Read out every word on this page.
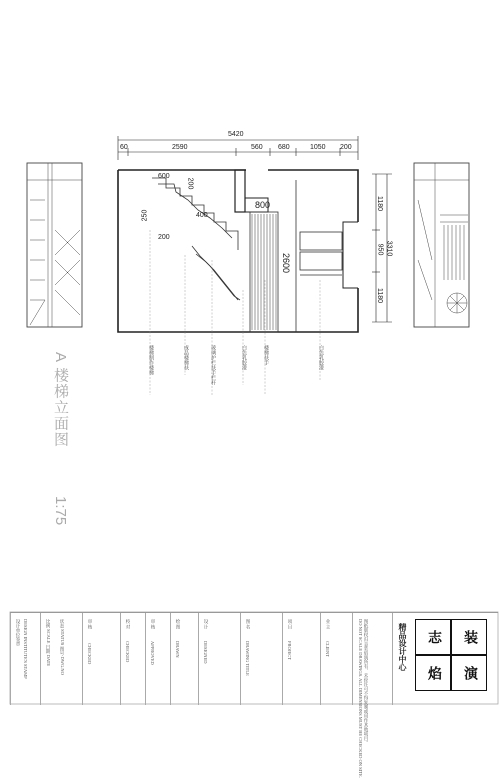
5420
60	2590	560 680	1050 200
600
200
250	400
200
800
2600
3310
1180
950
1180
楼梯制作楼梯	成品楼梯扶	玻璃护栏扶手栏杆	白色乳胶漆	楼梯扶手	白色乳胶漆
A 楼梯立面图
1:75
设计单位签章 DESIGN INSTITUTE'S STAMP	比例 SCALE 日期 DATE 状态 STATUS 图号 DWG.NO	审 核
CHECKED
校 对
CHECKED
审 核
APPROVED
绘 图
DRAWN
设 计
DESIGNED
图 名
DRAWING TITLE
项 目
PROJECT
业 主
CLIENT	图纸版权归志装焰演所有，未经许可不得复制或用作其他项目。
DO NOT SCALE DRAWINGS. ALL DIMENSIONS MUST BE CHECKED ON SITE.
精品设计中心	志	装
焰	演
